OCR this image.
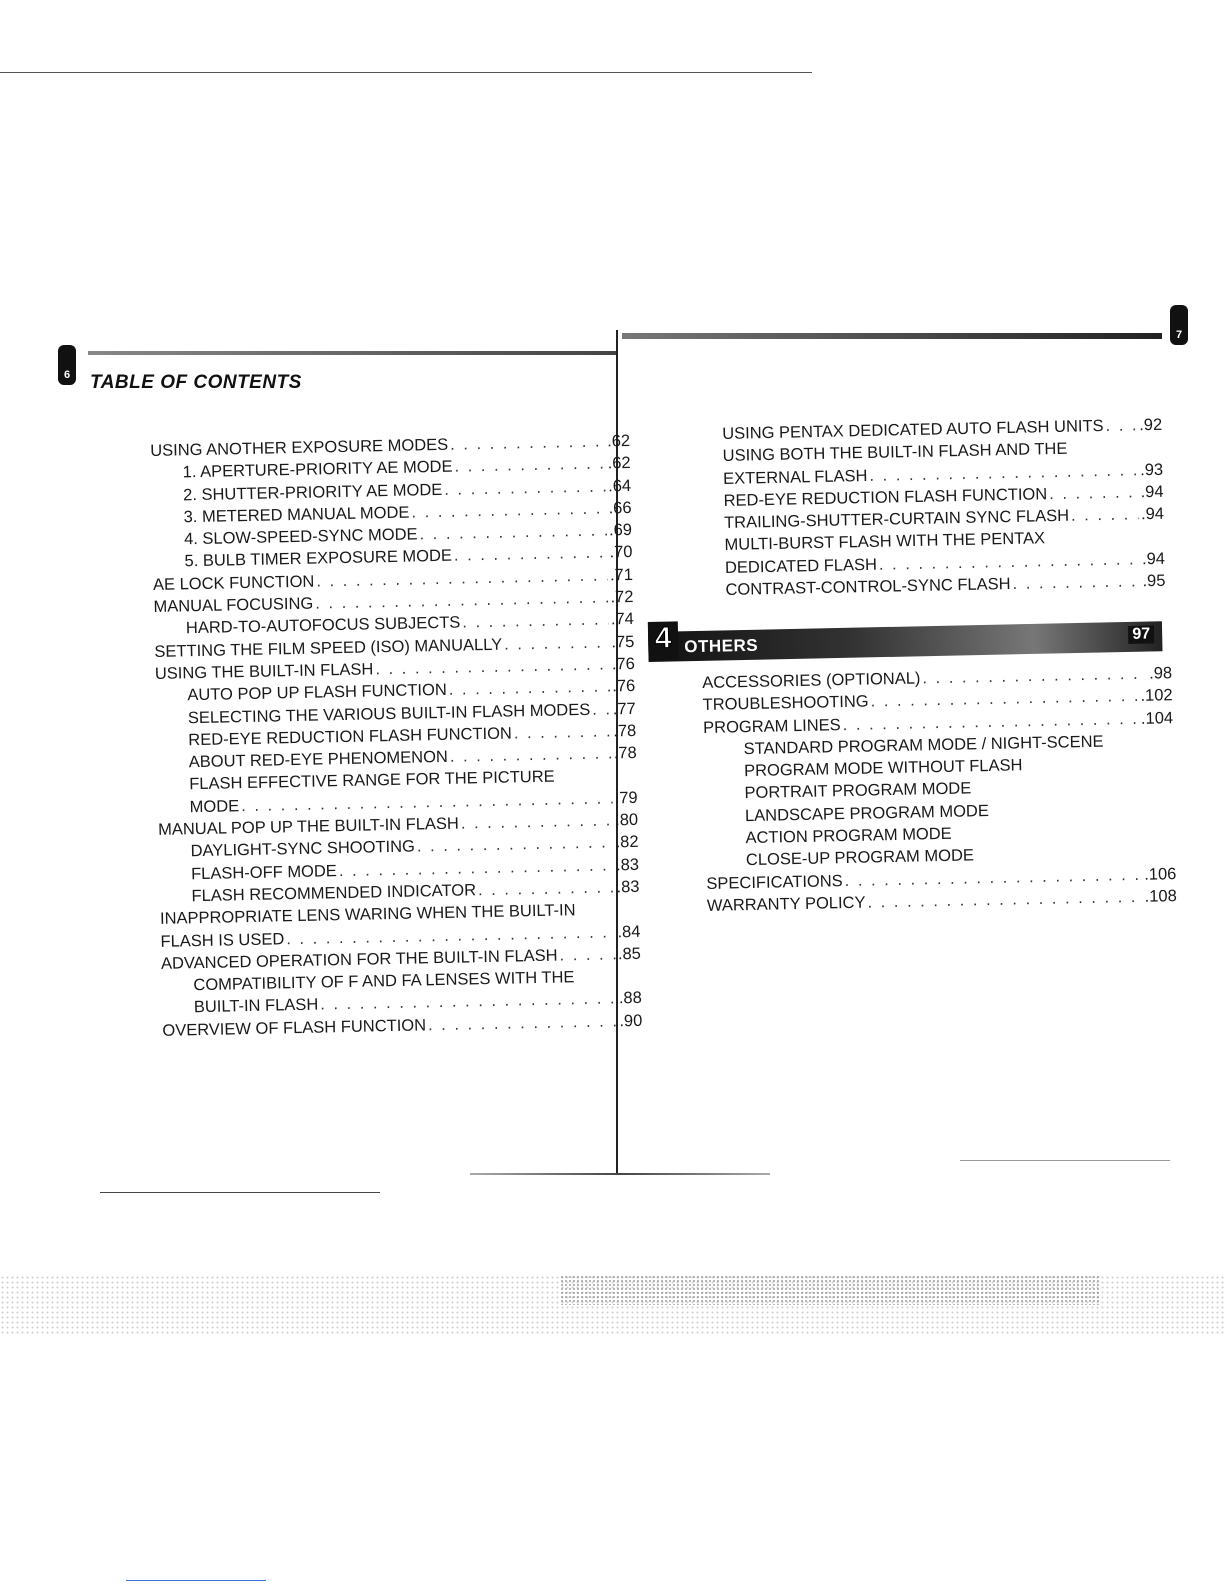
6
7
TABLE OF CONTENTS
USING ANOTHER EXPOSURE MODES . . .	.62
1. APERTURE-PRIORITY AE MODE . . .	.62
2. SHUTTER-PRIORITY AE MODE . . .	.64
3. METERED MANUAL MODE . . .	.66
4. SLOW-SPEED-SYNC MODE . . .	.69
5. BULB TIMER EXPOSURE MODE . . .	.70
AE LOCK FUNCTION . . .	.71
MANUAL FOCUSING . . .	.72
HARD-TO-AUTOFOCUS SUBJECTS . . .	.74
SETTING THE FILM SPEED (ISO) MANUALLY . . .	.75
USING THE BUILT-IN FLASH . . .	.76
AUTO POP UP FLASH FUNCTION . . .	.76
SELECTING THE VARIOUS BUILT-IN FLASH MODES . . . .77
RED-EYE REDUCTION FLASH FUNCTION . . .	.78
ABOUT RED-EYE PHENOMENON . . .	.78
FLASH EFFECTIVE RANGE FOR THE PICTURE
MODE . . .	.79
MANUAL POP UP THE BUILT-IN FLASH . . .	.80
DAYLIGHT-SYNC SHOOTING . . .	.82
FLASH-OFF MODE . . .	.83
FLASH RECOMMENDED INDICATOR . . .	.83
INAPPROPRIATE LENS WARING WHEN THE BUILT-IN
FLASH IS USED . . .	.84
ADVANCED OPERATION FOR THE BUILT-IN FLASH . . .	.85
COMPATIBILITY OF F AND FA LENSES WITH THE
BUILT-IN FLASH . . .	.88
OVERVIEW OF FLASH FUNCTION . . .	.90
USING PENTAX DEDICATED AUTO FLASH UNITS . . . .92
USING BOTH THE BUILT-IN FLASH AND THE
EXTERNAL FLASH . . .	.93
RED-EYE REDUCTION FLASH FUNCTION . . .	.94
TRAILING-SHUTTER-CURTAIN SYNC FLASH . . .	.94
MULTI-BURST FLASH WITH THE PENTAX
DEDICATED FLASH . . .	.94
CONTRAST-CONTROL-SYNC FLASH . . .	.95
4 OTHERS
97
ACCESSORIES (OPTIONAL) . . .	.98
TROUBLESHOOTING . . .	.102
PROGRAM LINES . . .	.104
STANDARD PROGRAM MODE / NIGHT-SCENE
PROGRAM MODE WITHOUT FLASH
PORTRAIT PROGRAM MODE
LANDSCAPE PROGRAM MODE
ACTION PROGRAM MODE
CLOSE-UP PROGRAM MODE
SPECIFICATIONS . . .	.106
WARRANTY POLICY . . .	.108
